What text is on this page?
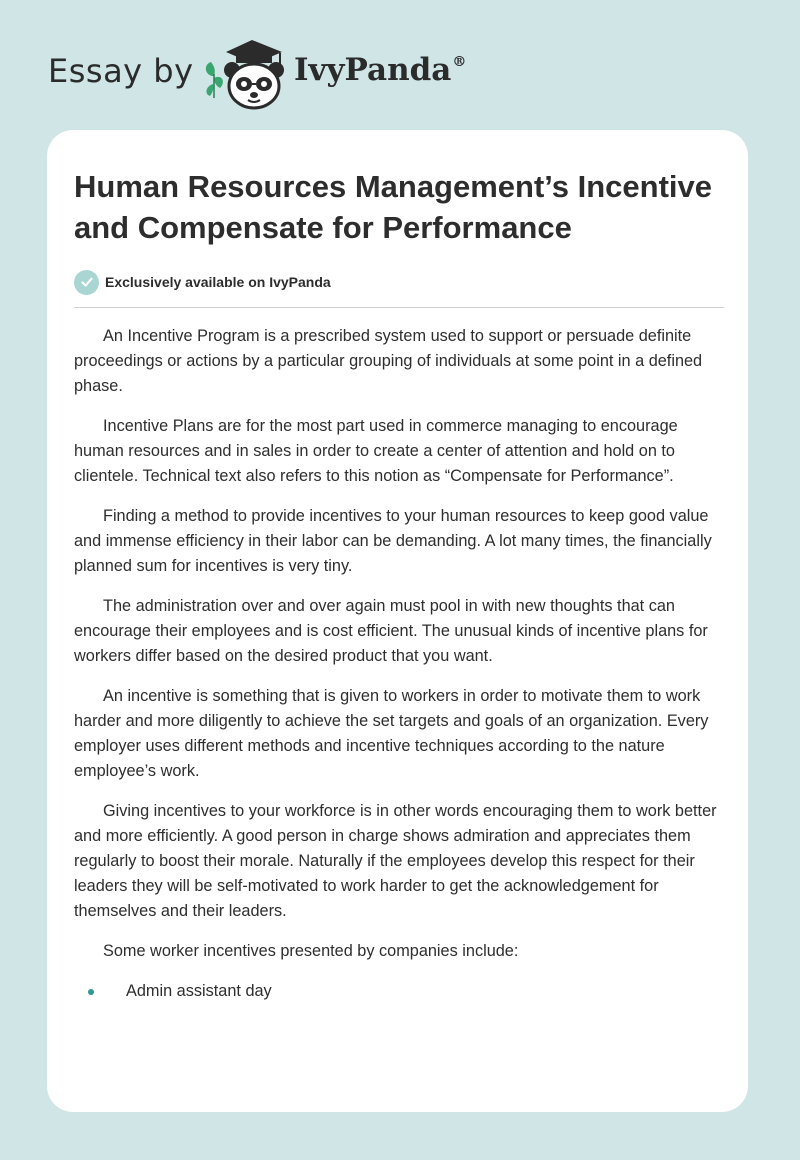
Essay by	IvyPanda®
Human Resources Management’s Incentive and Compensate for Performance
Exclusively available on IvyPanda

An Incentive Program is a prescribed system used to support or persuade definite proceedings or actions by a particular grouping of individuals at some point in a defined phase.

Incentive Plans are for the most part used in commerce managing to encourage human resources and in sales in order to create a center of attention and hold on to clientele. Technical text also refers to this notion as “Compensate for Performance”.

Finding a method to provide incentives to your human resources to keep good value and immense efficiency in their labor can be demanding. A lot many times, the financially planned sum for incentives is very tiny.

The administration over and over again must pool in with new thoughts that can encourage their employees and is cost efficient. The unusual kinds of incentive plans for workers differ based on the desired product that you want.

An incentive is something that is given to workers in order to motivate them to work harder and more diligently to achieve the set targets and goals of an organization. Every employer uses different methods and incentive techniques according to the nature employee’s work.

Giving incentives to your workforce is in other words encouraging them to work better and more efficiently. A good person in charge shows admiration and appreciates them regularly to boost their morale. Naturally if the employees develop this respect for their leaders they will be self-motivated to work harder to get the acknowledgement for themselves and their leaders.

Some worker incentives presented by companies include:

Admin assistant day
